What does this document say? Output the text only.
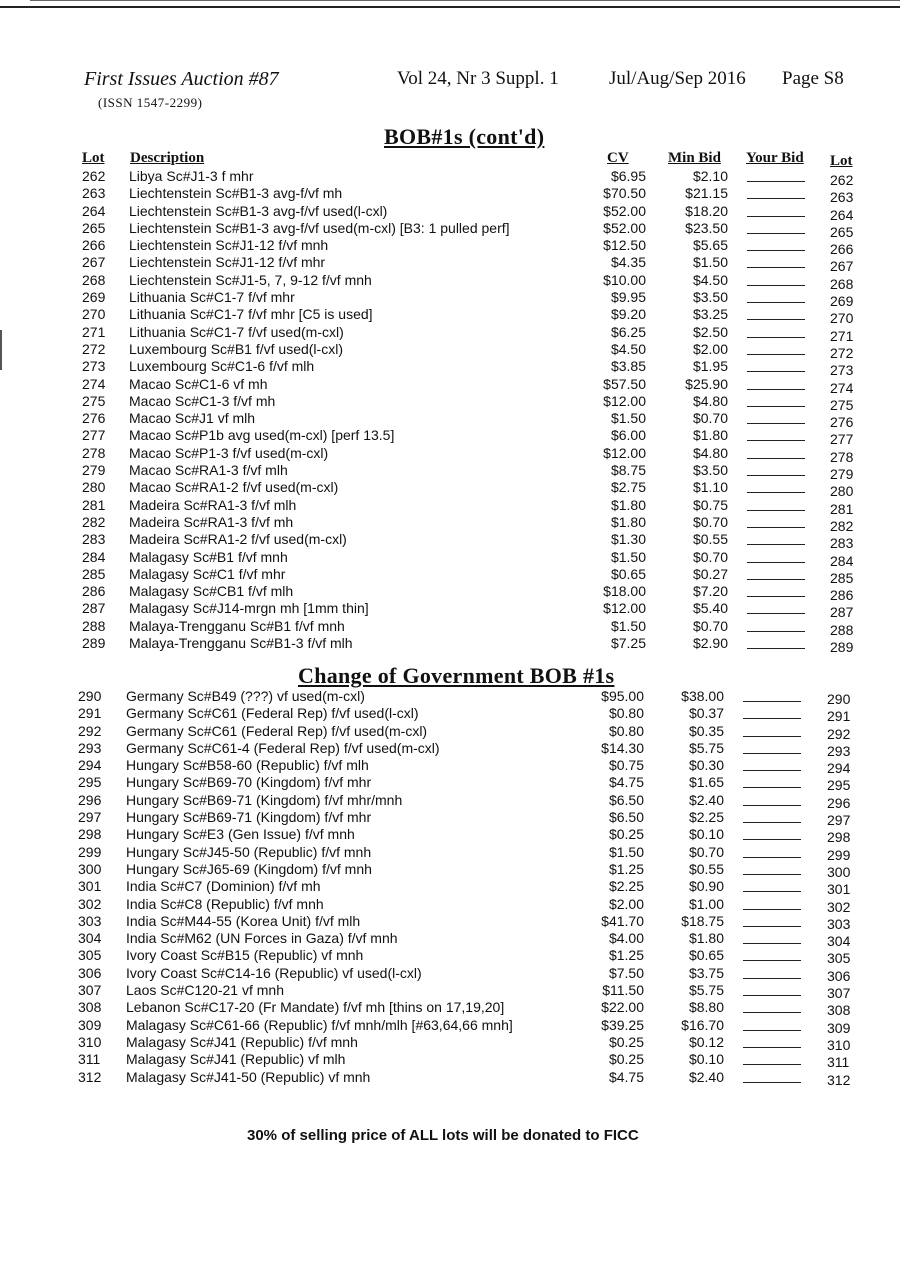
First Issues Auction #87	Vol 24, Nr 3 Suppl. 1	Jul/Aug/Sep 2016 Page S8
(ISSN 1547-2299)
BOB#1s (cont'd)
Lot Description	CV	Min Bid Your Bid Lot
262 Libya Sc#J1-3 f mhr	$6.95	$2.10	262
263 Liechtenstein Sc#B1-3 avg-f/vf mh	$70.50	$21.15	263
264 Liechtenstein Sc#B1-3 avg-f/vf used(l-cxl)	$52.00	$18.20	264
265 Liechtenstein Sc#B1-3 avg-f/vf used(m-cxl) [B3: 1 pulled perf]	$52.00	$23.50	265
266 Liechtenstein Sc#J1-12 f/vf mnh	$12.50	$5.65	266
267 Liechtenstein Sc#J1-12 f/vf mhr	$4.35	$1.50	267
268 Liechtenstein Sc#J1-5, 7, 9-12 f/vf mnh	$10.00	$4.50	268
269 Lithuania Sc#C1-7 f/vf mhr	$9.95	$3.50	269
270 Lithuania Sc#C1-7 f/vf mhr [C5 is used]	$9.20	$3.25	270
271 Lithuania Sc#C1-7 f/vf used(m-cxl)	$6.25	$2.50	271
272 Luxembourg Sc#B1 f/vf used(l-cxl)	$4.50	$2.00	272
273 Luxembourg Sc#C1-6 f/vf mlh	$3.85	$1.95	273
274 Macao Sc#C1-6 vf mh	$57.50	$25.90	274
275 Macao Sc#C1-3 f/vf mh	$12.00	$4.80	275
276 Macao Sc#J1 vf mlh	$1.50	$0.70	276
277 Macao Sc#P1b avg used(m-cxl) [perf 13.5]	$6.00	$1.80	277
278 Macao Sc#P1-3 f/vf used(m-cxl)	$12.00	$4.80	278
279 Macao Sc#RA1-3 f/vf mlh	$8.75	$3.50	279
280 Macao Sc#RA1-2 f/vf used(m-cxl)	$2.75	$1.10	280
281 Madeira Sc#RA1-3 f/vf mlh	$1.80	$0.75	281
282 Madeira Sc#RA1-3 f/vf mh	$1.80	$0.70	282
283 Madeira Sc#RA1-2 f/vf used(m-cxl)	$1.30	$0.55	283
284 Malagasy Sc#B1 f/vf mnh	$1.50	$0.70	284
285 Malagasy Sc#C1 f/vf mhr	$0.65	$0.27	285
286 Malagasy Sc#CB1 f/vf mlh	$18.00	$7.20	286
287 Malagasy Sc#J14-mrgn mh [1mm thin]	$12.00	$5.40	287
288 Malaya-Trengganu Sc#B1 f/vf mnh	$1.50	$0.70	288
289 Malaya-Trengganu Sc#B1-3 f/vf mlh	$7.25	$2.90	289
Change of Government BOB #1s
290 Germany Sc#B49 (???) vf used(m-cxl)	$95.00	$38.00	290
291 Germany Sc#C61 (Federal Rep) f/vf used(l-cxl)	$0.80	$0.37	291
292 Germany Sc#C61 (Federal Rep) f/vf used(m-cxl)	$0.80	$0.35	292
293 Germany Sc#C61-4 (Federal Rep) f/vf used(m-cxl)	$14.30	$5.75	293
294 Hungary Sc#B58-60 (Republic) f/vf mlh	$0.75	$0.30	294
295 Hungary Sc#B69-70 (Kingdom) f/vf mhr	$4.75	$1.65	295
296 Hungary Sc#B69-71 (Kingdom) f/vf mhr/mnh	$6.50	$2.40	296
297 Hungary Sc#B69-71 (Kingdom) f/vf mhr	$6.50	$2.25	297
298 Hungary Sc#E3 (Gen Issue) f/vf mnh	$0.25	$0.10	298
299 Hungary Sc#J45-50 (Republic) f/vf mnh	$1.50	$0.70	299
300 Hungary Sc#J65-69 (Kingdom) f/vf mnh	$1.25	$0.55	300
301 India Sc#C7 (Dominion) f/vf mh	$2.25	$0.90	301
302 India Sc#C8 (Republic) f/vf mnh	$2.00	$1.00	302
303 India Sc#M44-55 (Korea Unit) f/vf mlh	$41.70	$18.75	303
304 India Sc#M62 (UN Forces in Gaza) f/vf mnh	$4.00	$1.80	304
305 Ivory Coast Sc#B15 (Republic) vf mnh	$1.25	$0.65	305
306 Ivory Coast Sc#C14-16 (Republic) vf used(l-cxl)	$7.50	$3.75	306
307 Laos Sc#C120-21 vf mnh	$11.50	$5.75	307
308 Lebanon Sc#C17-20 (Fr Mandate) f/vf mh [thins on 17,19,20]	$22.00	$8.80	308
309 Malagasy Sc#C61-66 (Republic) f/vf mnh/mlh [#63,64,66 mnh]	$39.25	$16.70	309
310 Malagasy Sc#J41 (Republic) f/vf mnh	$0.25	$0.12	310
311 Malagasy Sc#J41 (Republic) vf mlh	$0.25	$0.10	311
312 Malagasy Sc#J41-50 (Republic) vf mnh	$4.75	$2.40	312
30% of selling price of ALL lots will be donated to FICC
